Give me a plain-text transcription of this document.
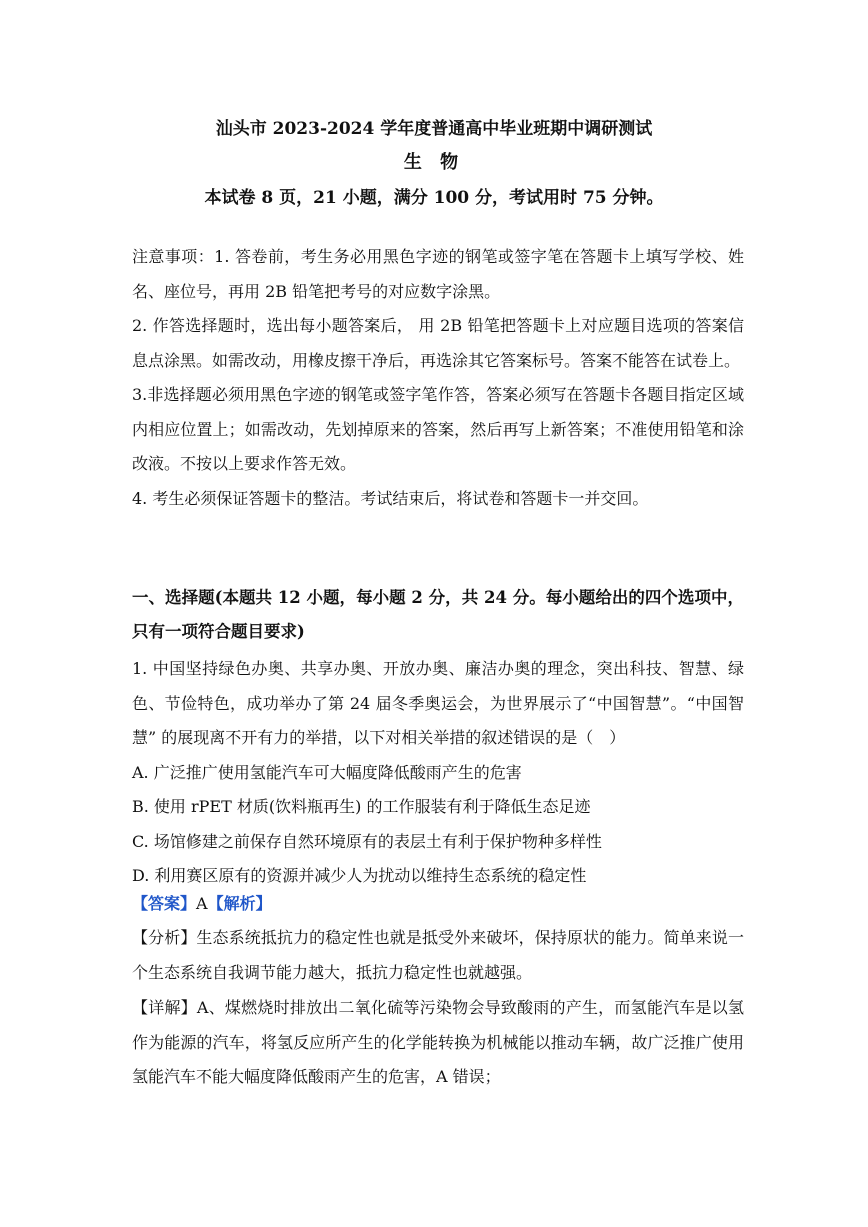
汕头市 2023-2024 学年度普通高中毕业班期中调研测试
生 物
本试卷 8 页，21 小题，满分 100 分，考试用时 75 分钟。
注意事项：1. 答卷前，考生务必用黑色字迹的钢笔或签字笔在答题卡上填写学校、姓名、座位号，再用 2B 铅笔把考号的对应数字涂黑。
2. 作答选择题时，选出每小题答案后， 用 2B 铅笔把答题卡上对应题目选项的答案信息点涂黑。如需改动，用橡皮擦干净后，再选涂其它答案标号。答案不能答在试卷上。
3.非选择题必须用黑色字迹的钢笔或签字笔作答，答案必须写在答题卡各题目指定区域内相应位置上；如需改动，先划掉原来的答案，然后再写上新答案；不准使用铅笔和涂改液。不按以上要求作答无效。
4. 考生必须保证答题卡的整洁。考试结束后，将试卷和答题卡一并交回。
一、选择题(本题共 12 小题，每小题 2 分，共 24 分。每小题给出的四个选项中，只有一项符合题目要求)
1. 中国坚持绿色办奥、共享办奥、开放办奥、廉洁办奥的理念，突出科技、智慧、绿色、节俭特色，成功举办了第 24 届冬季奥运会，为世界展示了“中国智慧”。“中国智慧” 的展现离不开有力的举措，以下对相关举措的叙述错误的是（　）
A. 广泛推广使用氢能汽车可大幅度降低酸雨产生的危害
B. 使用 rPET 材质(饮料瓶再生) 的工作服装有利于降低生态足迹
C. 场馆修建之前保存自然环境原有的表层土有利于保护物种多样性
D. 利用赛区原有的资源并减少人为扰动以维持生态系统的稳定性
【答案】A【解析】
【分析】生态系统抵抗力的稳定性也就是抵受外来破坏，保持原状的能力。简单来说一个生态系统自我调节能力越大，抵抗力稳定性也就越强。
【详解】A、煤燃烧时排放出二氧化硫等污染物会导致酸雨的产生，而氢能汽车是以氢作为能源的汽车，将氢反应所产生的化学能转换为机械能以推动车辆，故广泛推广使用氢能汽车不能大幅度降低酸雨产生的危害，A 错误；
